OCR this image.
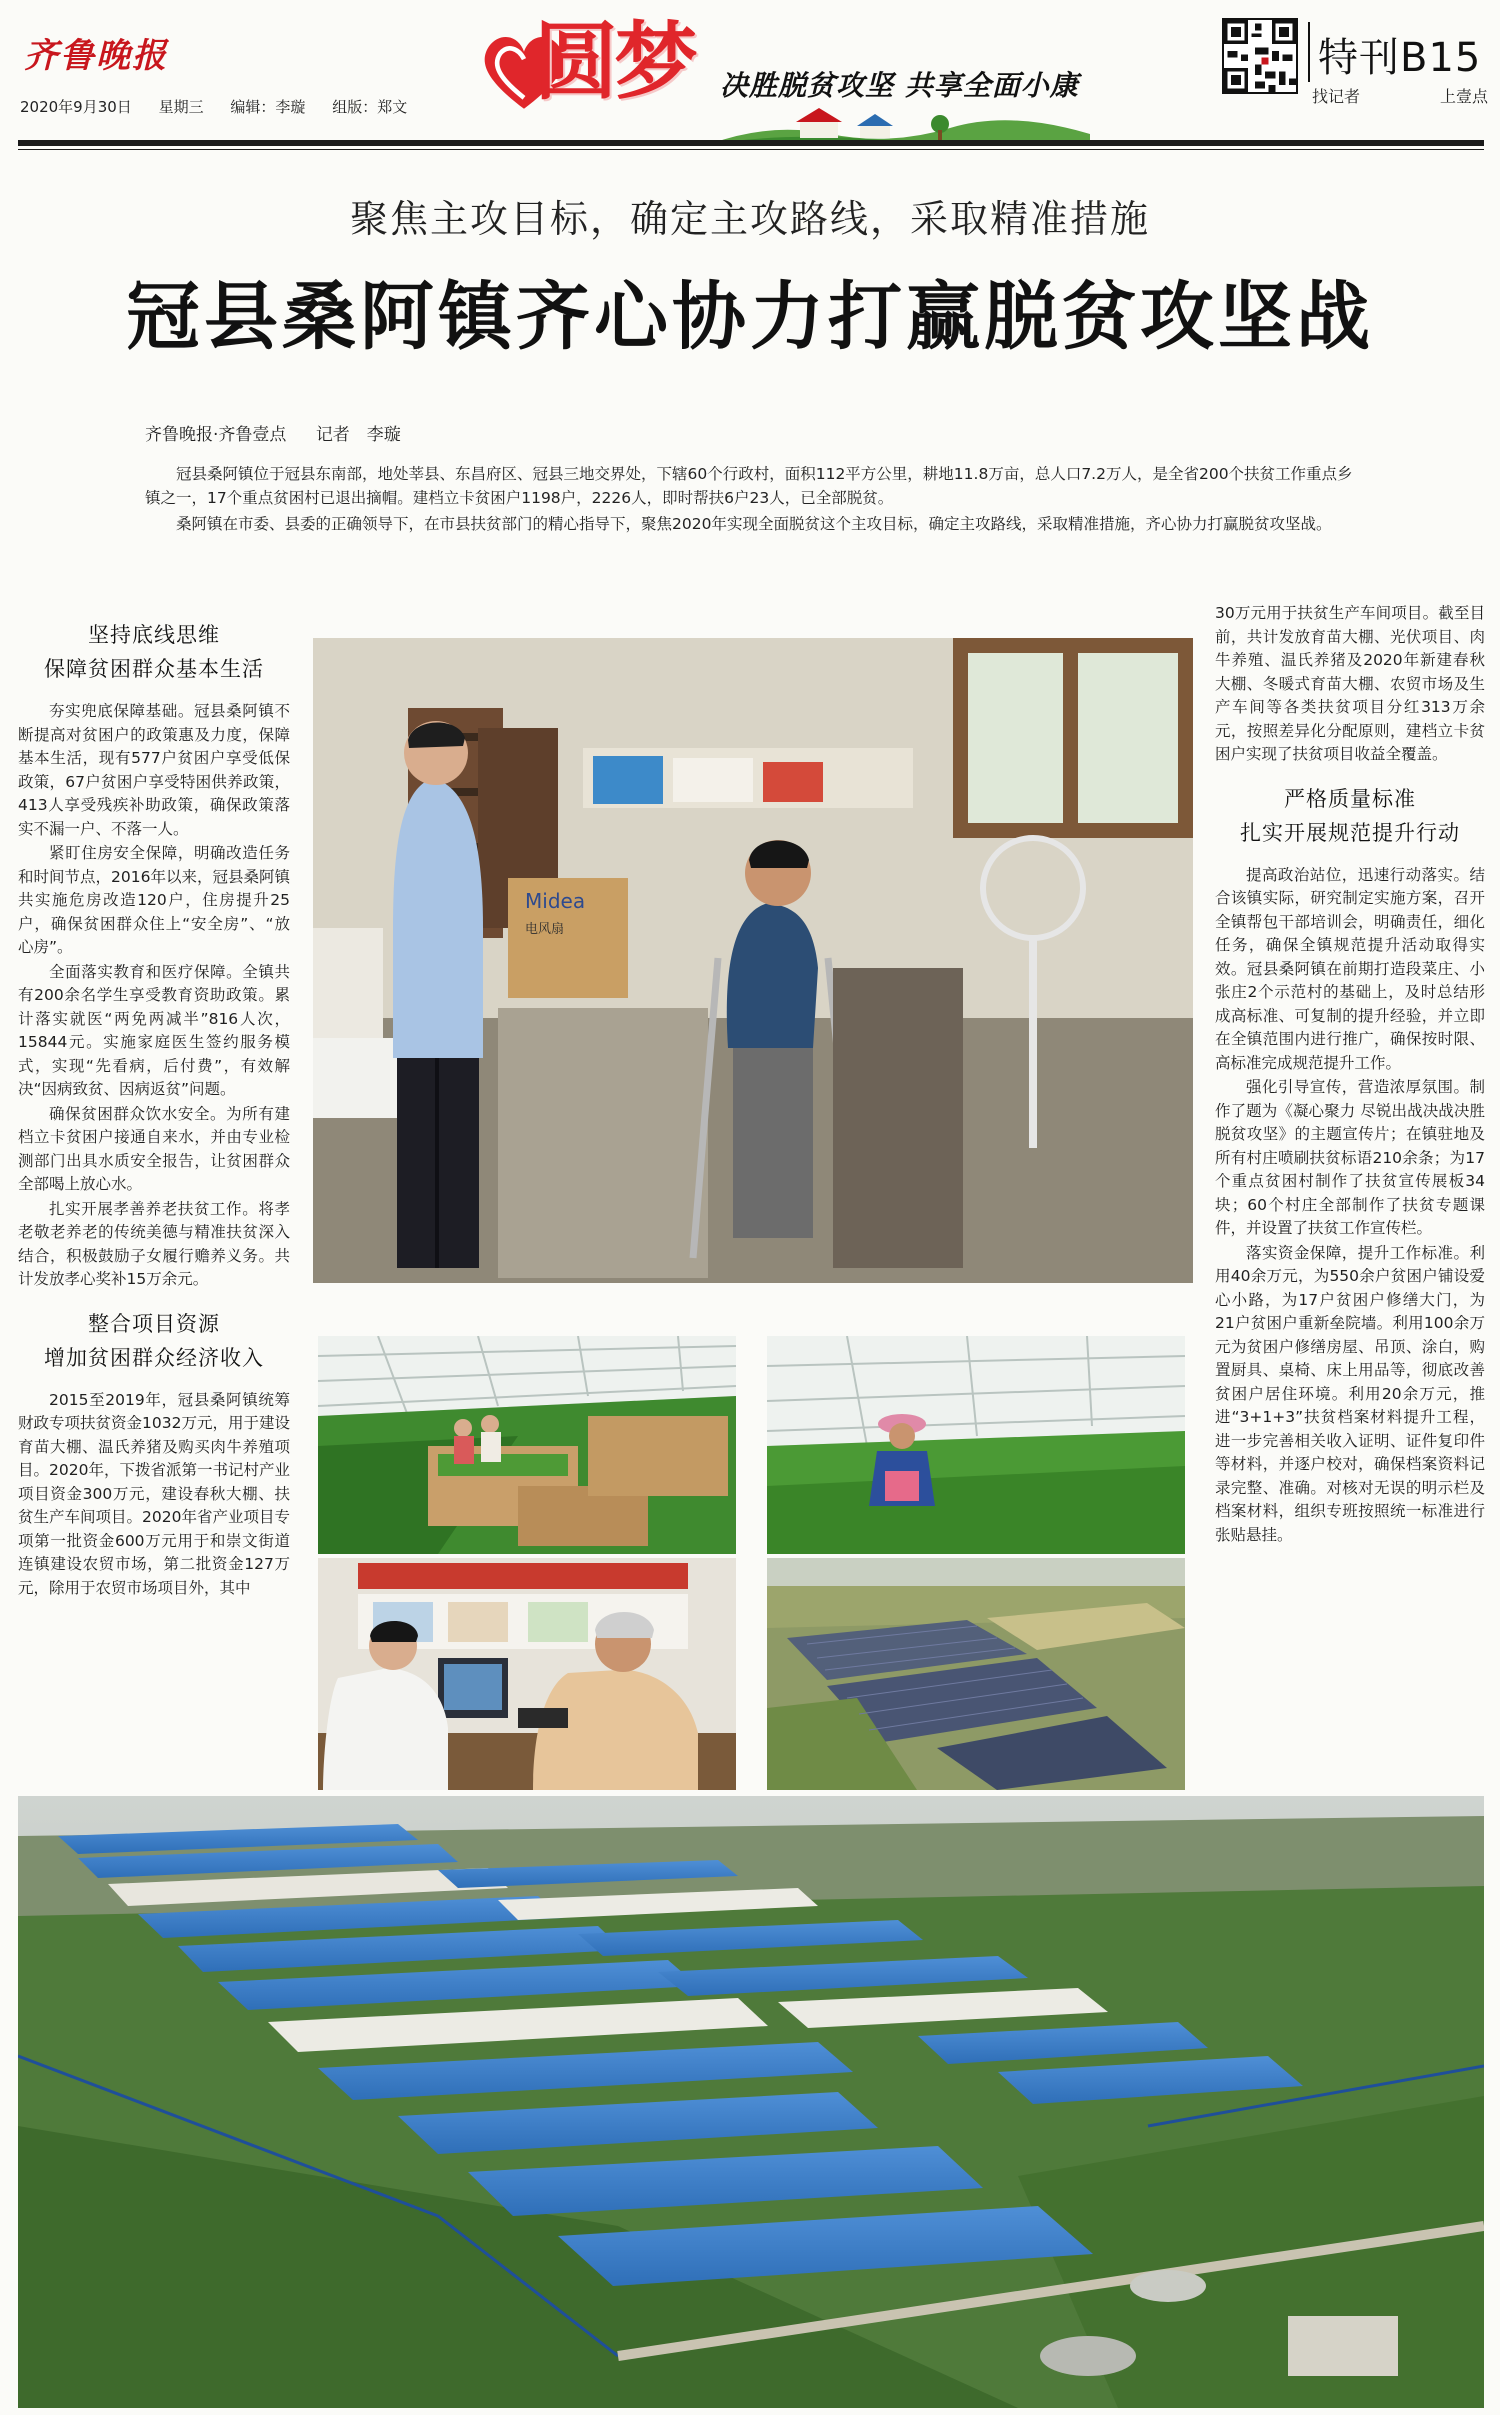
齐鲁晚报
2020年9月30日 星期三 编辑：李璇 组版：郑文 圆梦 决胜脱贫攻坚 共享全面小康
特刊B15
找记者	上壹点
聚焦主攻目标，确定主攻路线，采取精准措施
冠县桑阿镇齐心协力打赢脱贫攻坚战
齐鲁晚报·齐鲁壹点 记者　李璇

冠县桑阿镇位于冠县东南部，地处莘县、东昌府区、冠县三地交界处，下辖60个行政村，面积112平方公里，耕地11.8万亩，总人口7.2万人，是全省200个扶贫工作重点乡镇之一，17个重点贫困村已退出摘帽。建档立卡贫困户1198户，2226人，即时帮扶6户23人，已全部脱贫。

桑阿镇在市委、县委的正确领导下，在市县扶贫部门的精心指导下，聚焦2020年实现全面脱贫这个主攻目标，确定主攻路线，采取精准措施，齐心协力打赢脱贫攻坚战。

坚持底线思维
保障贫困群众基本生活

夯实兜底保障基础。冠县桑阿镇不断提高对贫困户的政策惠及力度，保障基本生活，现有577户贫困户享受低保政策，67户贫困户享受特困供养政策，413人享受残疾补助政策，确保政策落实不漏一户、不落一人。

紧盯住房安全保障，明确改造任务和时间节点，2016年以来，冠县桑阿镇共实施危房改造120户，住房提升25户，确保贫困群众住上“安全房”、“放心房”。

全面落实教育和医疗保障。全镇共有200余名学生享受教育资助政策。累计落实就医“两免两减半”816人次，15844元。实施家庭医生签约服务模式，实现“先看病，后付费”，有效解决“因病致贫、因病返贫”问题。

确保贫困群众饮水安全。为所有建档立卡贫困户接通自来水，并由专业检测部门出具水质安全报告，让贫困群众全部喝上放心水。

扎实开展孝善养老扶贫工作。将孝老敬老养老的传统美德与精准扶贫深入结合，积极鼓励子女履行赡养义务。共计发放孝心奖补15万余元。

整合项目资源
增加贫困群众经济收入

2015至2019年，冠县桑阿镇统筹财政专项扶贫资金1032万元，用于建设育苗大棚、温氏养猪及购买肉牛养殖项目。2020年，下拨省派第一书记村产业项目资金300万元，建设春秋大棚、扶贫生产车间项目。2020年省产业项目专项第一批资金600万元用于和崇文街道连镇建设农贸市场，第二批资金127万元，除用于农贸市场项目外，其中

30万元用于扶贫生产车间项目。截至目前，共计发放育苗大棚、光伏项目、肉牛养殖、温氏养猪及2020年新建春秋大棚、冬暖式育苗大棚、农贸市场及生产车间等各类扶贫项目分红313万余元，按照差异化分配原则，建档立卡贫困户实现了扶贫项目收益全覆盖。

严格质量标准
扎实开展规范提升行动

提高政治站位，迅速行动落实。结合该镇实际，研究制定实施方案，召开全镇帮包干部培训会，明确责任，细化任务，确保全镇规范提升活动取得实效。冠县桑阿镇在前期打造段菜庄、小张庄2个示范村的基础上，及时总结形成高标准、可复制的提升经验，并立即在全镇范围内进行推广，确保按时限、高标准完成规范提升工作。

强化引导宣传，营造浓厚氛围。制作了题为《凝心聚力 尽锐出战决战决胜脱贫攻坚》的主题宣传片；在镇驻地及所有村庄喷刷扶贫标语210余条；为17个重点贫困村制作了扶贫宣传展板34块；60个村庄全部制作了扶贫专题课件，并设置了扶贫工作宣传栏。

落实资金保障，提升工作标准。利用40余万元，为550余户贫困户铺设爱心小路，为17户贫困户修缮大门，为21户贫困户重新垒院墙。利用100余万元为贫困户修缮房屋、吊顶、涂白，购置厨具、桌椅、床上用品等，彻底改善贫困户居住环境。利用20余万元，推进“3+1+3”扶贫档案材料提升工程，进一步完善相关收入证明、证件复印件等材料，并逐户校对，确保档案资料记录完整、准确。对核对无误的明示栏及档案材料，组织专班按照统一标准进行张贴悬挂。

Midea
电风扇
